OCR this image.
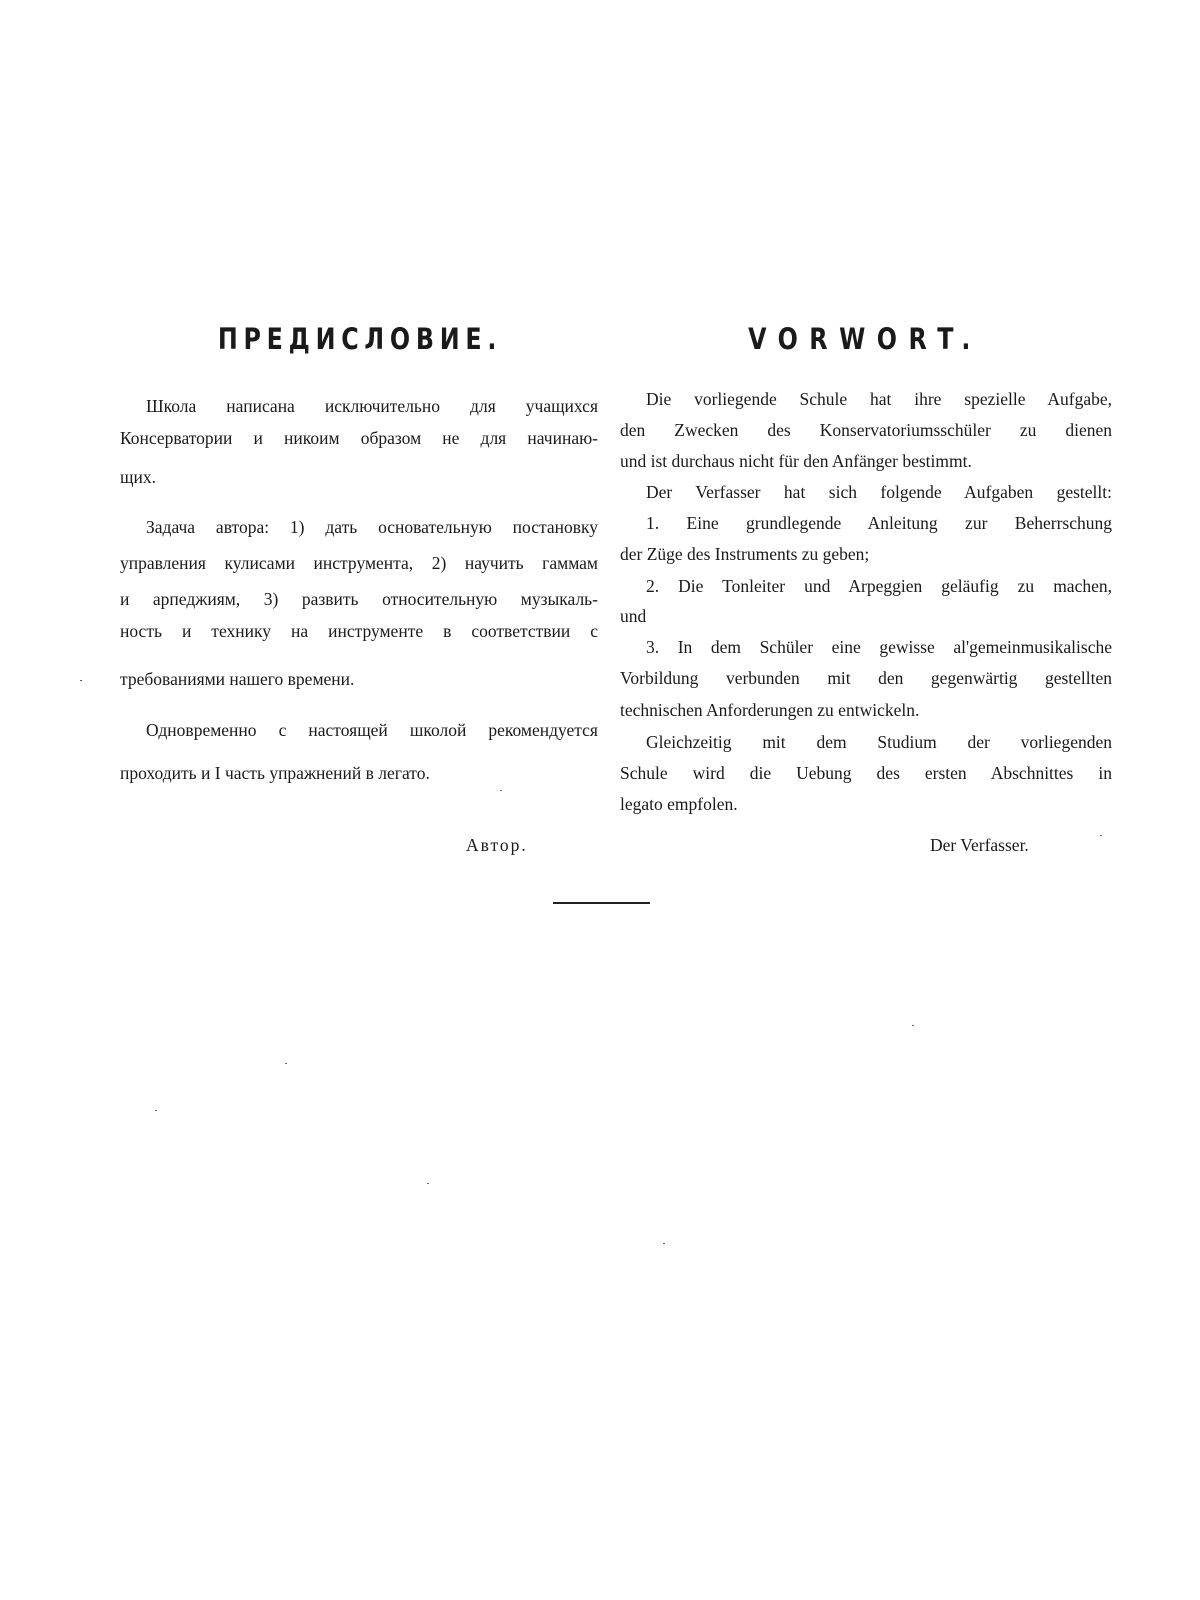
ПРЕДИСЛОВИЕ.	VORWORT.
Школа написана исключительно для учащихся
Консерватории и никоим образом не для начинаю-
щих.
Задача автора: 1) дать основательную постановку
управления кулисами инструмента, 2) научить гаммам
и арпеджиям, 3) развить относительную музыкаль-
ность и технику на инструменте в соответствии с
требованиями нашего времени.
Одновременно с настоящей школой рекомендуется
проходить и I часть упражнений в легато.
Die vorliegende Schule hat ihre spezielle Aufgabe,
den Zwecken des Konservatoriumsschüler zu dienen
und ist durchaus nicht für den Anfänger bestimmt.
Der Verfasser hat sich folgende Aufgaben gestellt:
1. Eine grundlegende Anleitung zur Beherrschung
der Züge des Instruments zu geben;
2. Die Tonleiter und Arpeggien geläufig zu machen,
und
3. In dem Schüler eine gewisse al'gemeinmusikalische
Vorbildung verbunden mit den gegenwärtig gestellten
technischen Anforderungen zu entwickeln.
Gleichzeitig mit dem Studium der vorliegenden
Schule wird die Uebung des ersten Abschnittes in
legato empfolen.
Автор.	Der Verfasser.
